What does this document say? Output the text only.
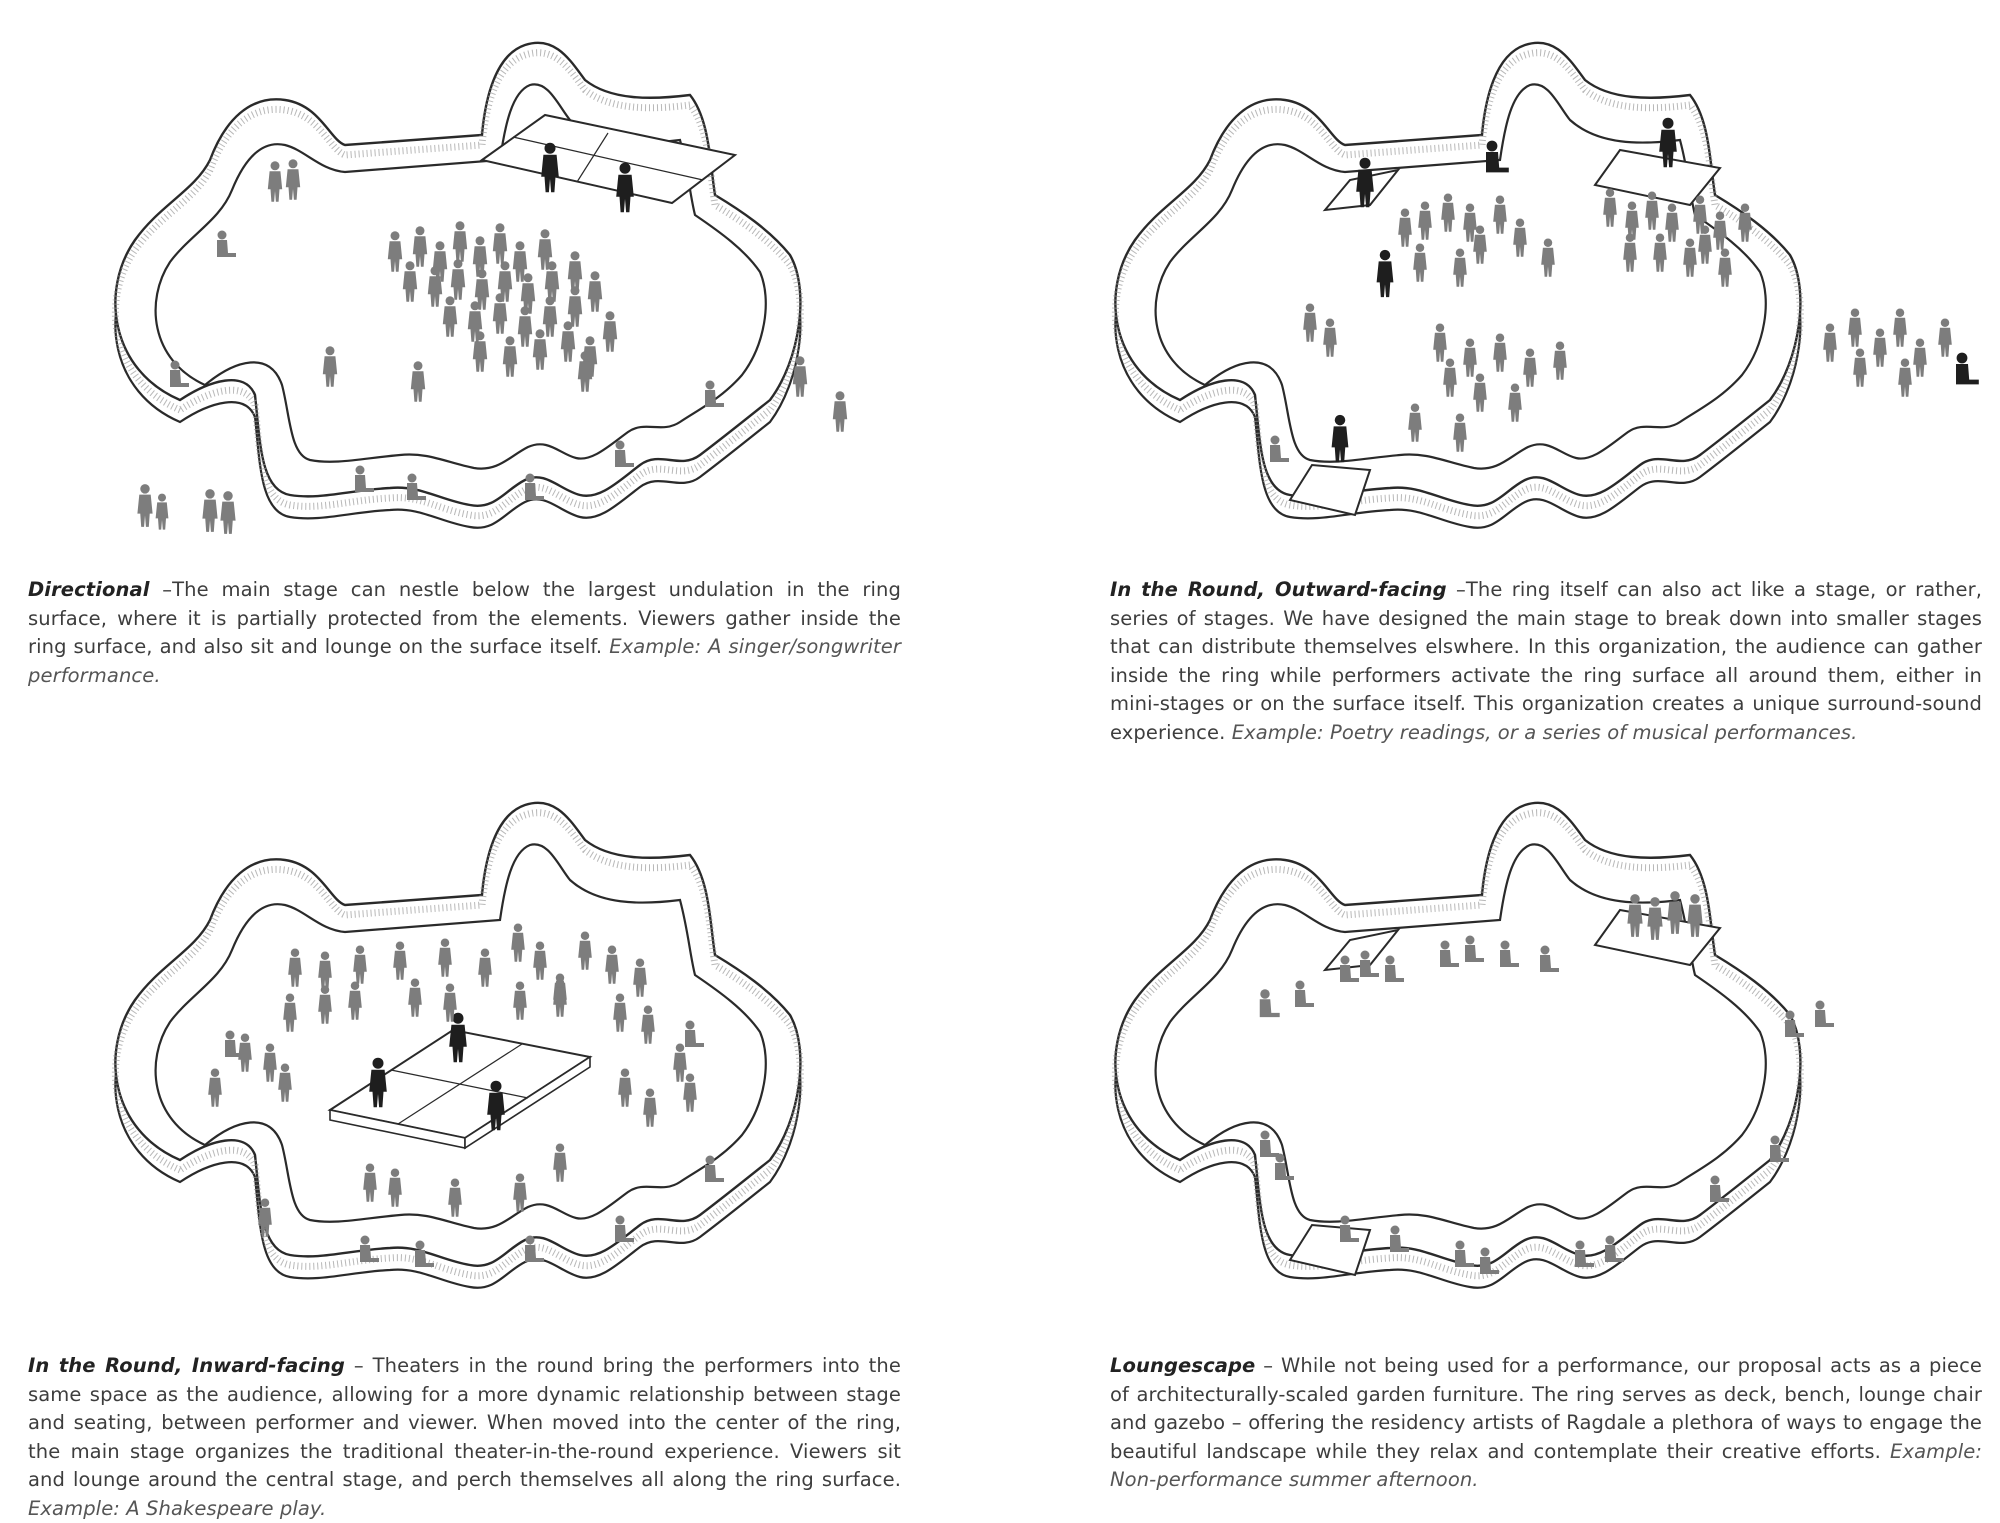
Directional –The main stage can nestle below the largest undulation in the ring surface, where it is partially protected from the elements. Viewers gather inside the ring surface, and also sit and lounge on the surface itself. Example: A singer/songwriter performance.
In the Round, Outward-facing –The ring itself can also act like a stage, or rather, series of stages. We have designed the main stage to break down into smaller stages that can distribute themselves elswhere. In this organization, the audience can gather inside the ring while performers activate the ring surface all around them, either in mini-stages or on the surface itself. This organization creates a unique surround-sound experience. Example: Poetry readings, or a series of musical performances.
In the Round, Inward-facing – Theaters in the round bring the performers into the same space as the audience, allowing for a more dynamic relationship between stage and seating, between performer and viewer. When moved into the center of the ring, the main stage organizes the traditional theater-in-the-round experience. Viewers sit and lounge around the central stage, and perch themselves all along the ring surface. Example: A Shakespeare play.
Loungescape – While not being used for a performance, our proposal acts as a piece of architecturally-scaled garden furniture. The ring serves as deck, bench, lounge chair and gazebo – offering the residency artists of Ragdale a plethora of ways to engage the beautiful landscape while they relax and contemplate their creative efforts. Example: Non-performance summer afternoon.
